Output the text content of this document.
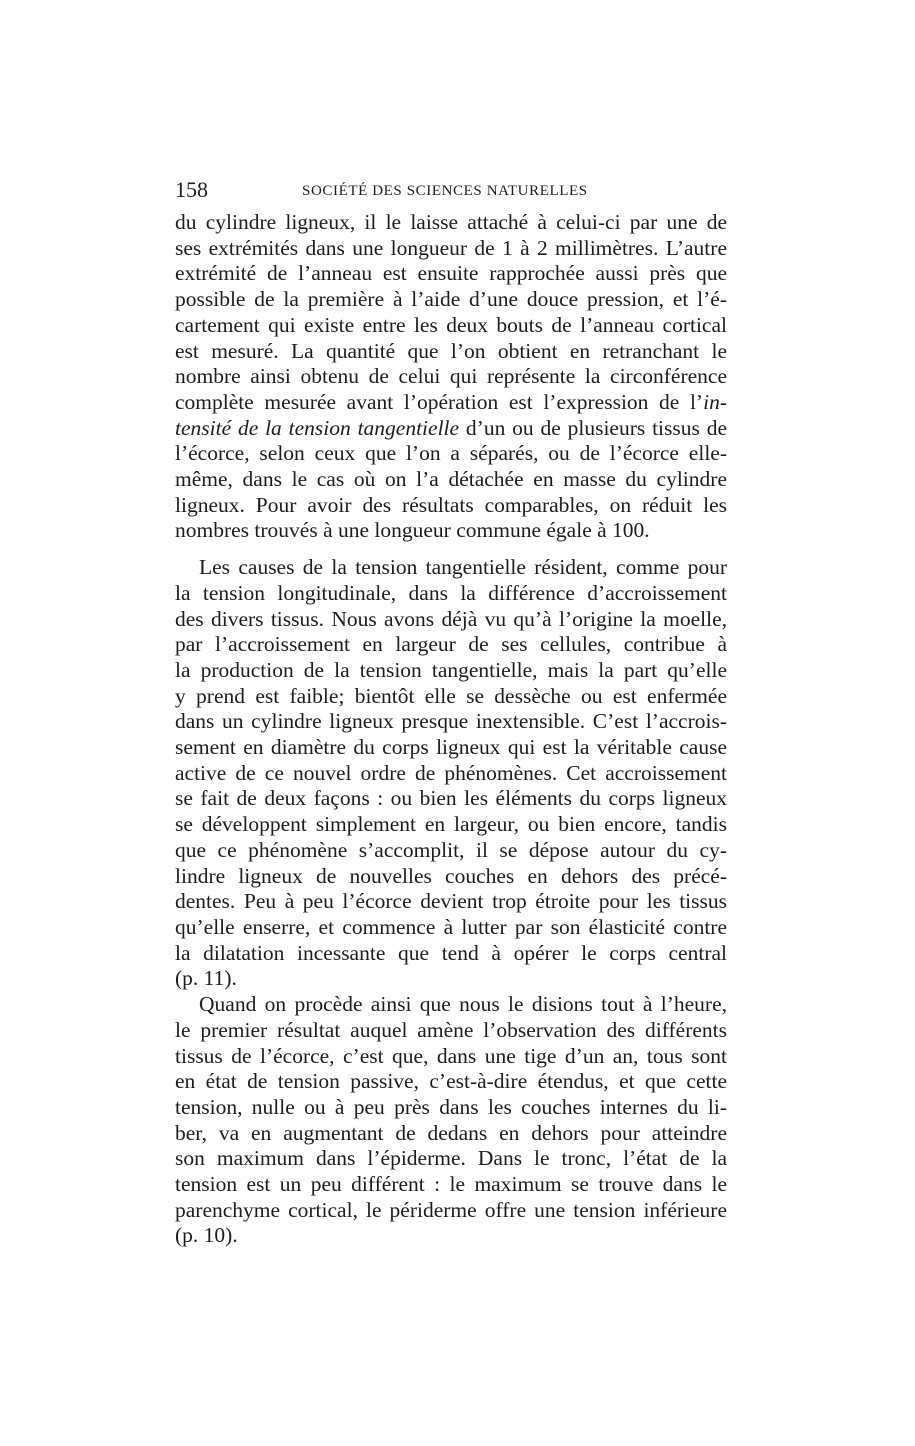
158	SOCIÉTÉ DES SCIENCES NATURELLES

du cylindre ligneux, il le laisse attaché à celui-ci par une de
ses extrémités dans une longueur de 1 à 2 millimètres. L’autre
extrémité de l’anneau est ensuite rapprochée aussi près que
possible de la première à l’aide d’une douce pression, et l’é-
cartement qui existe entre les deux bouts de l’anneau cortical
est mesuré. La quantité que l’on obtient en retranchant le
nombre ainsi obtenu de celui qui représente la circonférence
complète mesurée avant l’opération est l’expression de l’in-
tensité de la tension tangentielle d’un ou de plusieurs tissus de
l’écorce, selon ceux que l’on a séparés, ou de l’écorce elle-
même, dans le cas où on l’a détachée en masse du cylindre
ligneux. Pour avoir des résultats comparables, on réduit les
nombres trouvés à une longueur commune égale à 100.

Les causes de la tension tangentielle résident, comme pour
la tension longitudinale, dans la différence d’accroissement
des divers tissus. Nous avons déjà vu qu’à l’origine la moelle,
par l’accroissement en largeur de ses cellules, contribue à
la production de la tension tangentielle, mais la part qu’elle
y prend est faible; bientôt elle se dessèche ou est enfermée
dans un cylindre ligneux presque inextensible. C’est l’accrois-
sement en diamètre du corps ligneux qui est la véritable cause
active de ce nouvel ordre de phénomènes. Cet accroissement
se fait de deux façons : ou bien les éléments du corps ligneux
se développent simplement en largeur, ou bien encore, tandis
que ce phénomène s’accomplit, il se dépose autour du cy-
lindre ligneux de nouvelles couches en dehors des précé-
dentes. Peu à peu l’écorce devient trop étroite pour les tissus
qu’elle enserre, et commence à lutter par son élasticité contre
la dilatation incessante que tend à opérer le corps central
(p. 11).

Quand on procède ainsi que nous le disions tout à l’heure,
le premier résultat auquel amène l’observation des différents
tissus de l’écorce, c’est que, dans une tige d’un an, tous sont
en état de tension passive, c’est-à-dire étendus, et que cette
tension, nulle ou à peu près dans les couches internes du li-
ber, va en augmentant de dedans en dehors pour atteindre
son maximum dans l’épiderme. Dans le tronc, l’état de la
tension est un peu différent : le maximum se trouve dans le
parenchyme cortical, le périderme offre une tension inférieure
(p. 10).
